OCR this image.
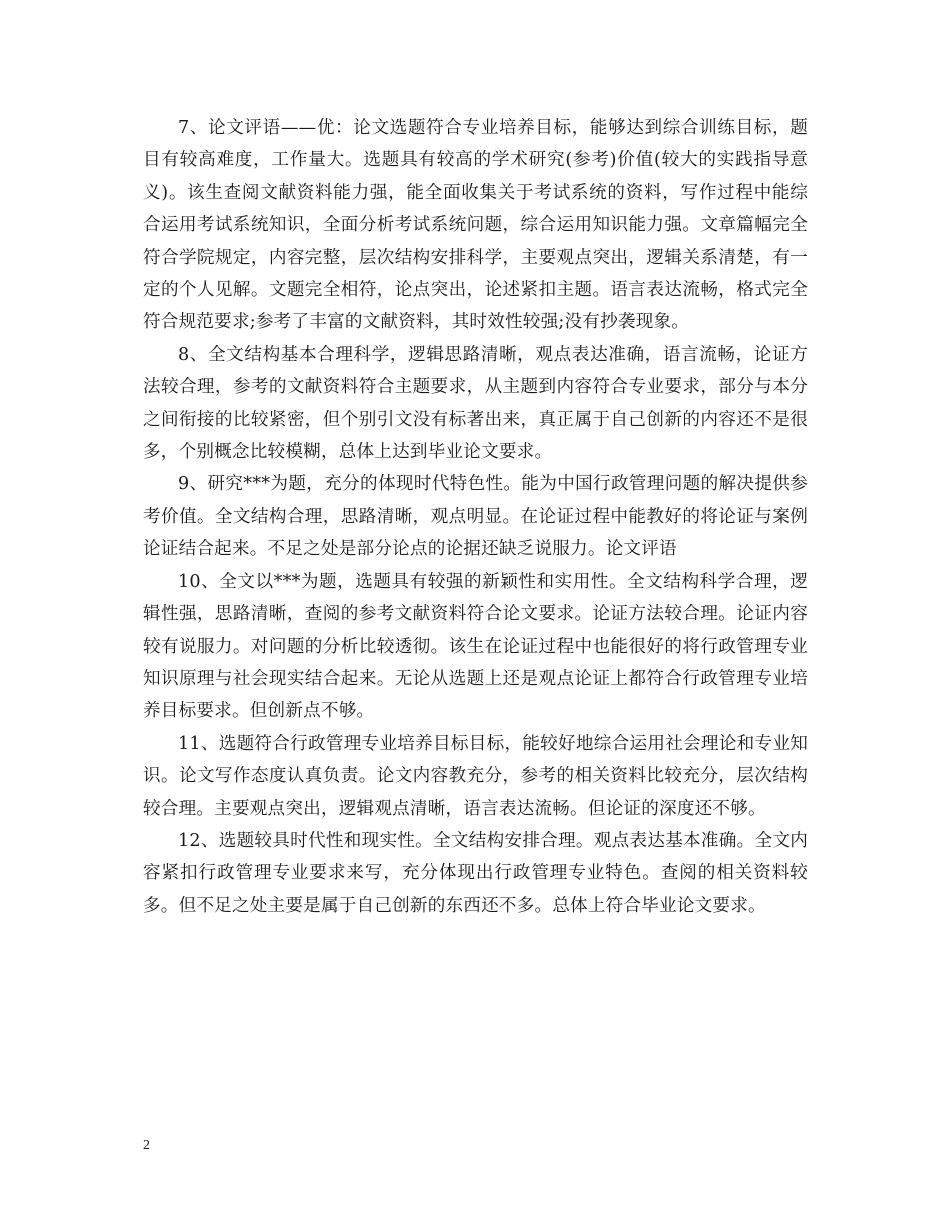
7、论文评语——优：论文选题符合专业培养目标，能够达到综合训练目标，题目有较高难度，工作量大。选题具有较高的学术研究(参考)价值(较大的实践指导意义)。该生查阅文献资料能力强，能全面收集关于考试系统的资料，写作过程中能综合运用考试系统知识，全面分析考试系统问题，综合运用知识能力强。文章篇幅完全符合学院规定，内容完整，层次结构安排科学，主要观点突出，逻辑关系清楚，有一定的个人见解。文题完全相符，论点突出，论述紧扣主题。语言表达流畅，格式完全符合规范要求;参考了丰富的文献资料，其时效性较强;没有抄袭现象。

8、全文结构基本合理科学，逻辑思路清晰，观点表达准确，语言流畅，论证方法较合理，参考的文献资料符合主题要求，从主题到内容符合专业要求，部分与本分之间衔接的比较紧密，但个别引文没有标著出来，真正属于自己创新的内容还不是很多，个别概念比较模糊，总体上达到毕业论文要求。

9、研究***为题，充分的体现时代特色性。能为中国行政管理问题的解决提供参考价值。全文结构合理，思路清晰，观点明显。在论证过程中能教好的将论证与案例论证结合起来。不足之处是部分论点的论据还缺乏说服力。论文评语

10、全文以***为题，选题具有较强的新颖性和实用性。全文结构科学合理，逻辑性强，思路清晰，查阅的参考文献资料符合论文要求。论证方法较合理。论证内容较有说服力。对问题的分析比较透彻。该生在论证过程中也能很好的将行政管理专业知识原理与社会现实结合起来。无论从选题上还是观点论证上都符合行政管理专业培养目标要求。但创新点不够。

11、选题符合行政管理专业培养目标目标，能较好地综合运用社会理论和专业知识。论文写作态度认真负责。论文内容教充分，参考的相关资料比较充分，层次结构较合理。主要观点突出，逻辑观点清晰，语言表达流畅。但论证的深度还不够。

12、选题较具时代性和现实性。全文结构安排合理。观点表达基本准确。全文内容紧扣行政管理专业要求来写，充分体现出行政管理专业特色。查阅的相关资料较多。但不足之处主要是属于自己创新的东西还不多。总体上符合毕业论文要求。

2
